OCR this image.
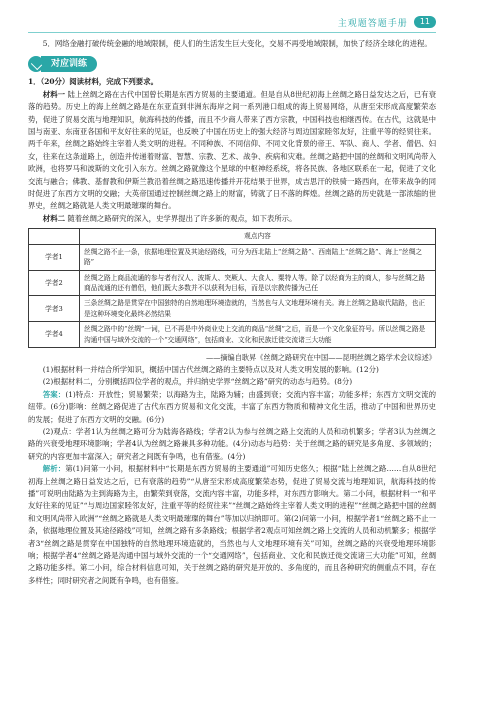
主观题答题手册	11

5．网络金融打破传统金融的地域限制，使人们的生活发生巨大变化，交易不再受地域限制，加快了经济全球化的进程。

对应训练

1．（20分）阅读材料，完成下列要求。

材料一 陆上丝绸之路在古代中国曾长期是东西方贸易的主要通道。但是自从8世纪初海上丝绸之路日益发达之后，已有衰落的趋势。历史上的海上丝绸之路是在东亚直到非洲东海岸之间一系列港口组成的海上贸易网络，从唐至宋形成高度繁荣态势，促进了贸易交流与地理知识，航海科技的传播，而且不少商人带来了西方宗教，中国科技也相继西传。在古代，这就是中国与南亚、东南亚各国和平友好往来的见证，也反映了中国在历史上的强大经济与周边国家睦邻友好，注重平等的经贸往来。两千年来，丝绸之路始终主宰着人类文明的进程。不同种族、不同信仰、不同文化背景的帝王、军队、商人、学者、僧侣、妇女，往来在这条道路上，创造并传递着财富、智慧、宗教、艺术、战争、疾病和灾难。丝绸之路把中国的丝绸和文明风尚带入欧洲，也将罗马和波斯的文化引入东方。丝绸之路就像这个星球的中枢神经系统，将各民族、各地区联系在一起，促进了文化交流与融合；佛教、基督教和伊斯兰教沿着丝绸之路迅速传播并开花结果于世界，成吉思汗的铁骑一路西向，在带来战争的同时促进了东西方文明的交融；大英帝国通过控制丝绸之路上的财富，铸就了日不落的辉煌。丝绸之路的历史就是一部浓缩的世界史，丝绸之路就是人类文明最璀璨的舞台。

材料二 随着丝绸之路研究的深入，史学界提出了许多新的观点，如下表所示。

	观点内容
学者1	丝绸之路不止一条，依据地理位置及其途经路线，可分为西北陆上“丝绸之路”、西南陆上“丝绸之路”、海上“丝绸之路”
学者2	丝绸之路上商品流通的参与者有汉人、波斯人、突厥人、大食人、粟特人等。除了以经商为主的商人，参与丝绸之路商品流通的还有僧侣，他们既大多数并不以获利为目标，而是以宗教传播为己任
学者3	三条丝绸之路是贯穿在中国独特的自然地理环境造就的，当然也与人文地理环境有关。海上丝绸之路取代陆路，也正是这种环境变化最终必然结果
学者4	丝绸之路中的“丝绸”一词，已不再是中外商业史上交流的商品“丝绸”之后，而是一个文化象征符号。所以丝绸之路是沟通中国与域外交流的一个“交通网络”，包括商业、文化和民族迁徙交流诸三大功能

——摘编自耿昇《丝绸之路研究在中国——昆明丝绸之路学术会议综述》

(1)根据材料一并结合所学知识，概括中国古代丝绸之路的主要特点以及对人类文明发展的影响。(12分)

(2)根据材料二，分别概括四位学者的观点，并归纳史学界“丝绸之路”研究的动态与趋势。(8分)

答案：(1)特点：开放性；贸易繁荣；以海路为主，陆路为辅；由盛到衰；交流内容丰富；功能多样；东西方文明交流的纽带。(6分)影响：丝绸之路促进了古代东西方贸易和文化交流，丰富了东西方物质和精神文化生活，推动了中国和世界历史的发展；促进了东西方文明的交融。(6分)

(2)观点：学者1认为丝绸之路可分为陆海各路线；学者2认为参与丝绸之路上交流的人员和动机繁多；学者3认为丝绸之路的兴衰受地理环境影响；学者4认为丝绸之路兼具多种功能。(4分)动态与趋势：关于丝绸之路的研究是多角度、多领域的；研究的内容更加丰富深入；研究者之间既有争鸣，也有借鉴。(4分)

解析：第(1)问第一小问，根据材料中“长期是东西方贸易的主要通道”可知历史悠久；根据“陆上丝绸之路……自从8世纪初海上丝绸之路日益发达之后，已有衰落的趋势”“从唐至宋形成高度繁荣态势，促进了贸易交流与地理知识，航海科技的传播”可说明由陆路为主到海路为主，由繁荣到衰落，交流内容丰富，功能多样，对东西方影响大。第二小问，根据材料一“和平友好往来的见证”“与周边国家睦邻友好，注重平等的经贸往来”“丝绸之路始终主宰着人类文明的进程”“丝绸之路把中国的丝绸和文明风尚带入欧洲”“丝绸之路就是人类文明最璀璨的舞台”等加以归纳即可。第(2)问第一小问，根据学者1“丝绸之路不止一条，依据地理位置及其途径路线”可知，丝绸之路有多条路线；根据学者2观点可知丝绸之路上交流的人员和动机繁多；根据学者3“丝绸之路是贯穿在中国独特的自然地理环境造就的，当然也与人文地理环境有关”可知，丝绸之路的兴衰受地理环境影响；根据学者4“丝绸之路是沟通中国与域外交流的一个“交通网络”，包括商业、文化和民族迁徙交流诸三大功能”可知，丝绸之路功能多样。第二小问，综合材料信息可知，关于丝绸之路的研究是开放的、多角度的，而且各种研究的侧重点不同，存在多样性；同时研究者之间既有争鸣，也有借鉴。
